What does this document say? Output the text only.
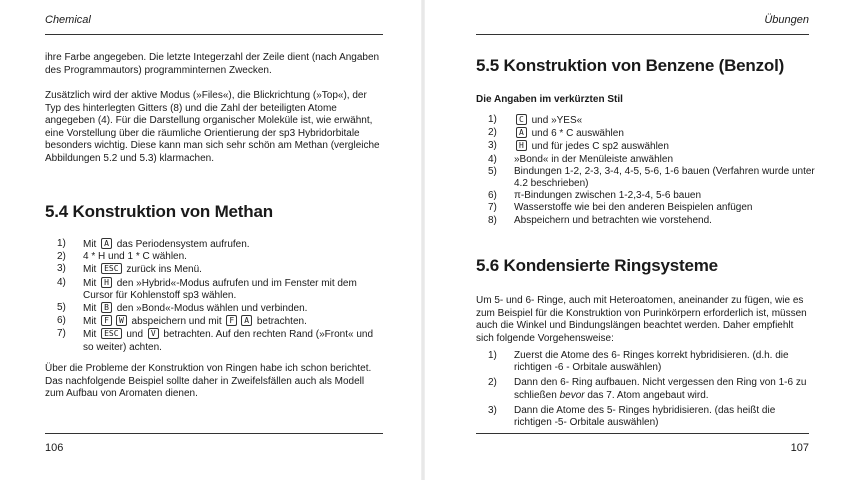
Chemical

ihre Farbe angegeben. Die letzte Integerzahl der Zeile dient (nach Angaben des Programmautors) programminternen Zwecken.

Zusätzlich wird der aktive Modus (»Files«), die Blickrichtung (»Top«), der Typ des hinterlegten Gitters (8) und die Zahl der beteiligten Atome angegeben (4). Für die Darstellung organischer Moleküle ist, wie erwähnt, eine Vorstellung über die räumliche Orientierung der sp3 Hybridorbitale besonders wichtig. Diese kann man sich sehr schön am Methan (vergleiche Abbildungen 5.2 und 5.3) klarmachen.

5.4 Konstruktion von Methan
1)	Mit A das Periodensystem aufrufen.
2)	4 * H und 1 * C wählen.
3)	Mit ESC zurück ins Menü.
4)	Mit H den »Hybrid«-Modus aufrufen und im Fenster mit dem Cursor für Kohlenstoff sp3 wählen.
5)	Mit B den »Bond«-Modus wählen und verbinden.
6)	Mit F W abspeichern und mit F A betrachten.
7)	Mit ESC und V betrachten. Auf den rechten Rand (»Front« und so weiter) achten.

Über die Probleme der Konstruktion von Ringen habe ich schon berichtet. Das nachfolgende Beispiel sollte daher in Zweifelsfällen auch als Modell zum Aufbau von Aromaten dienen.

106
Übungen
5.5 Konstruktion von Benzene (Benzol)
Die Angaben im verkürzten Stil
1)	C und »YES«
2)	A und 6 * C auswählen
3)	H und für jedes C sp2 auswählen
4)	»Bond« in der Menüleiste anwählen
5)	Bindungen 1-2, 2-3, 3-4, 4-5, 5-6, 1-6 bauen (Verfahren wurde unter 4.2 beschrieben)
6)	π-Bindungen zwischen 1-2,3-4, 5-6 bauen
7)	Wasserstoffe wie bei den anderen Beispielen anfügen
8)	Abspeichern und betrachten wie vorstehend.
5.6 Kondensierte Ringsysteme

Um 5- und 6- Ringe, auch mit Heteroatomen, aneinander zu fügen, wie es zum Beispiel für die Konstruktion von Purinkörpern erforderlich ist, müssen auch die Winkel und Bindungslängen beachtet werden. Daher empfiehlt sich folgende Vorgehensweise:

1)	Zuerst die Atome des 6- Ringes korrekt hybridisieren. (d.h. die richtigen -6 - Orbitale auswählen)
2)	Dann den 6- Ring aufbauen. Nicht vergessen den Ring von 1-6 zu schließen bevor das 7. Atom angebaut wird.
3)	Dann die Atome des 5- Ringes hybridisieren. (das heißt die richtigen -5- Orbitale auswählen)
107
